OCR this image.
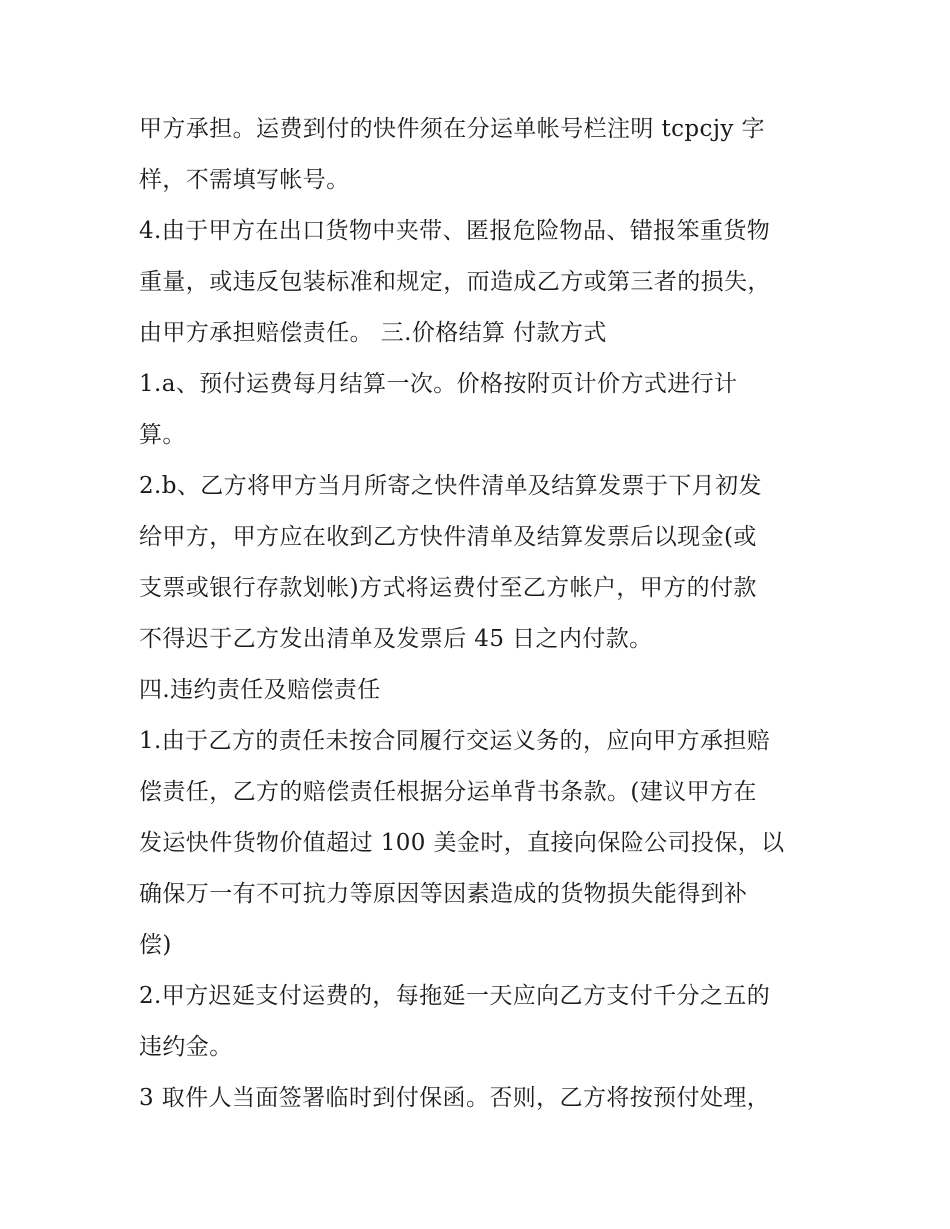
甲方承担。运费到付的快件须在分运单帐号栏注明 tcpcjy 字
样，不需填写帐号。
4.由于甲方在出口货物中夹带、匿报危险物品、错报笨重货物
重量，或违反包装标准和规定，而造成乙方或第三者的损失，
由甲方承担赔偿责任。 三.价格结算 付款方式
1.a、预付运费每月结算一次。价格按附页计价方式进行计
算。
2.b、乙方将甲方当月所寄之快件清单及结算发票于下月初发
给甲方，甲方应在收到乙方快件清单及结算发票后以现金(或
支票或银行存款划帐)方式将运费付至乙方帐户，甲方的付款
不得迟于乙方发出清单及发票后 45 日之内付款。
四.违约责任及赔偿责任
1.由于乙方的责任未按合同履行交运义务的，应向甲方承担赔
偿责任，乙方的赔偿责任根据分运单背书条款。(建议甲方在
发运快件货物价值超过 100 美金时，直接向保险公司投保，以
确保万一有不可抗力等原因等因素造成的货物损失能得到补
偿)
2.甲方迟延支付运费的，每拖延一天应向乙方支付千分之五的
违约金。
3 取件人当面签署临时到付保函。否则，乙方将按预付处理，
